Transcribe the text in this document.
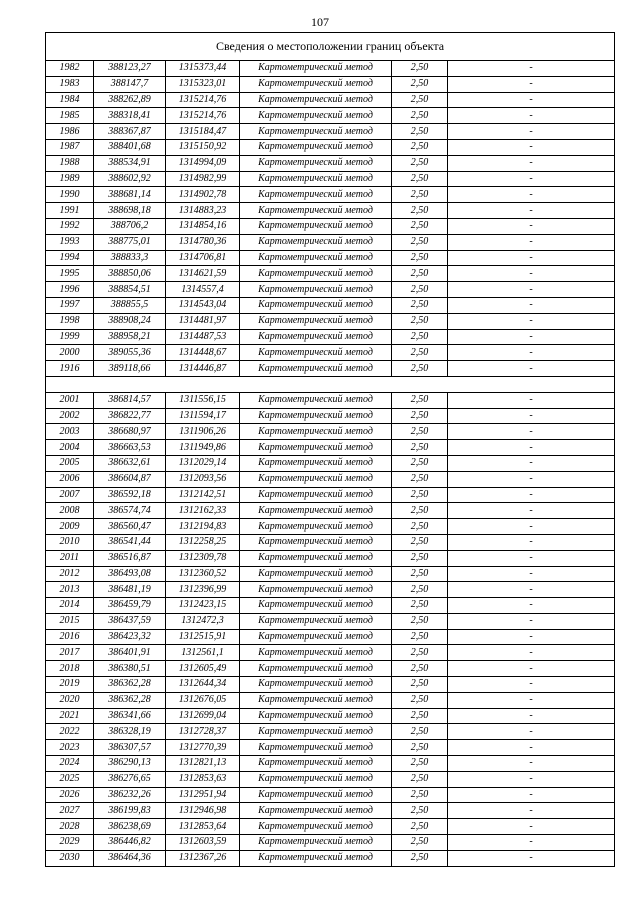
107
Сведения о местоположении границ объекта					
1982	388123,27	1315373,44	Картометрический метод	2,50	-
1983	388147,7	1315323,01	Картометрический метод	2,50	-
1984	388262,89	1315214,76	Картометрический метод	2,50	-
1985	388318,41	1315214,76	Картометрический метод	2,50	-
1986	388367,87	1315184,47	Картометрический метод	2,50	-
1987	388401,68	1315150,92	Картометрический метод	2,50	-
1988	388534,91	1314994,09	Картометрический метод	2,50	-
1989	388602,92	1314982,99	Картометрический метод	2,50	-
1990	388681,14	1314902,78	Картометрический метод	2,50	-
1991	388698,18	1314883,23	Картометрический метод	2,50	-
1992	388706,2	1314854,16	Картометрический метод	2,50	-
1993	388775,01	1314780,36	Картометрический метод	2,50	-
1994	388833,3	1314706,81	Картометрический метод	2,50	-
1995	388850,06	1314621,59	Картометрический метод	2,50	-
1996	388854,51	1314557,4	Картометрический метод	2,50	-
1997	388855,5	1314543,04	Картометрический метод	2,50	-
1998	388908,24	1314481,97	Картометрический метод	2,50	-
1999	388958,21	1314487,53	Картометрический метод	2,50	-
2000	389055,36	1314448,67	Картометрический метод	2,50	-
1916	389118,66	1314446,87	Картометрический метод	2,50	-

2001	386814,57	1311556,15	Картометрический метод	2,50	-
2002	386822,77	1311594,17	Картометрический метод	2,50	-
2003	386680,97	1311906,26	Картометрический метод	2,50	-
2004	386663,53	1311949,86	Картометрический метод	2,50	-
2005	386632,61	1312029,14	Картометрический метод	2,50	-
2006	386604,87	1312093,56	Картометрический метод	2,50	-
2007	386592,18	1312142,51	Картометрический метод	2,50	-
2008	386574,74	1312162,33	Картометрический метод	2,50	-
2009	386560,47	1312194,83	Картометрический метод	2,50	-
2010	386541,44	1312258,25	Картометрический метод	2,50	-
2011	386516,87	1312309,78	Картометрический метод	2,50	-
2012	386493,08	1312360,52	Картометрический метод	2,50	-
2013	386481,19	1312396,99	Картометрический метод	2,50	-
2014	386459,79	1312423,15	Картометрический метод	2,50	-
2015	386437,59	1312472,3	Картометрический метод	2,50	-
2016	386423,32	1312515,91	Картометрический метод	2,50	-
2017	386401,91	1312561,1	Картометрический метод	2,50	-
2018	386380,51	1312605,49	Картометрический метод	2,50	-
2019	386362,28	1312644,34	Картометрический метод	2,50	-
2020	386362,28	1312676,05	Картометрический метод	2,50	-
2021	386341,66	1312699,04	Картометрический метод	2,50	-
2022	386328,19	1312728,37	Картометрический метод	2,50	-
2023	386307,57	1312770,39	Картометрический метод	2,50	-
2024	386290,13	1312821,13	Картометрический метод	2,50	-
2025	386276,65	1312853,63	Картометрический метод	2,50	-
2026	386232,26	1312951,94	Картометрический метод	2,50	-
2027	386199,83	1312946,98	Картометрический метод	2,50	-
2028	386238,69	1312853,64	Картометрический метод	2,50	-
2029	386446,82	1312603,59	Картометрический метод	2,50	-
2030	386464,36	1312367,26	Картометрический метод	2,50	-
